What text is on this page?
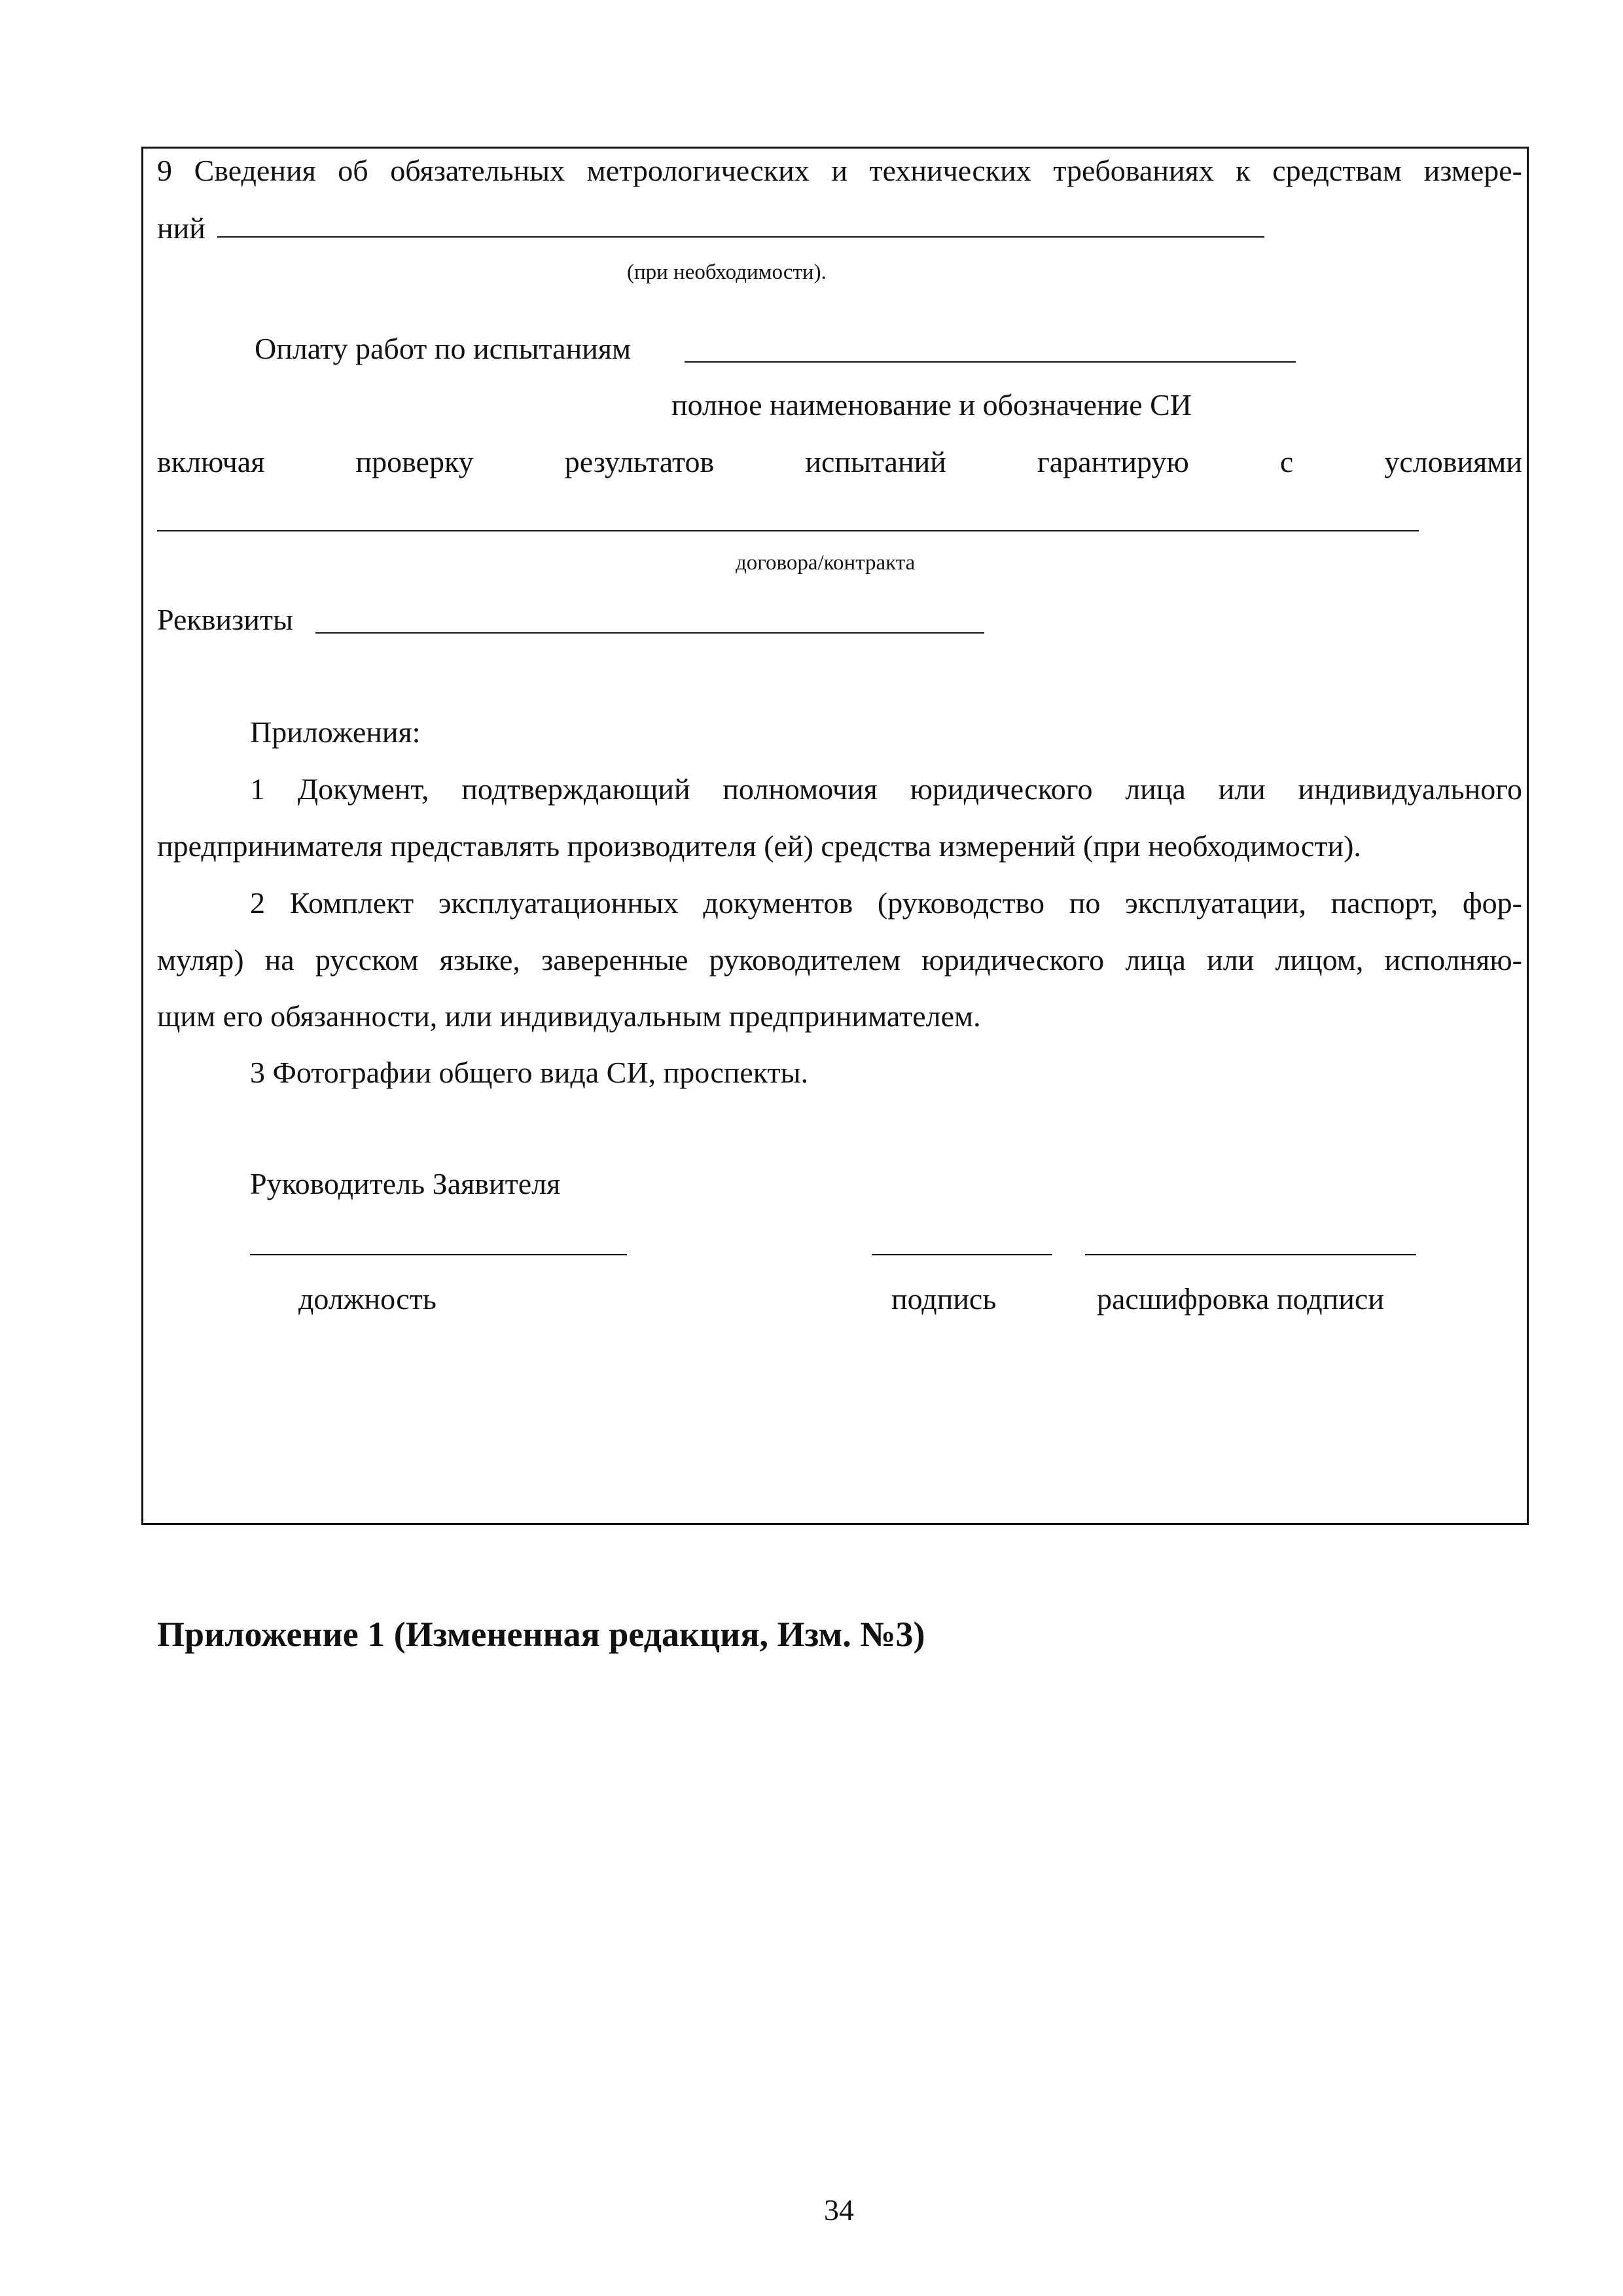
9 Сведения об обязательных метрологических и технических требованиях к средствам измере-
ний
(при необходимости).
Оплату работ по испытаниям
полное наименование и обозначение СИ
включая	проверку	результатов	испытаний	гарантирую	с	условиями
договора/контракта
Реквизиты
Приложения:
1 Документ, подтверждающий полномочия юридического лица или индивидуального
предпринимателя представлять производителя (ей) средства измерений (при необходимости).
2 Комплект эксплуатационных документов (руководство по эксплуатации, паспорт, фор-
муляр) на русском языке, заверенные руководителем юридического лица или лицом, исполняю-
щим его обязанности, или индивидуальным предпринимателем.
3 Фотографии общего вида СИ, проспекты.
Руководитель Заявителя
должность	подпись	расшифровка подписи
Приложение 1 (Измененная редакция, Изм. №3)
34
